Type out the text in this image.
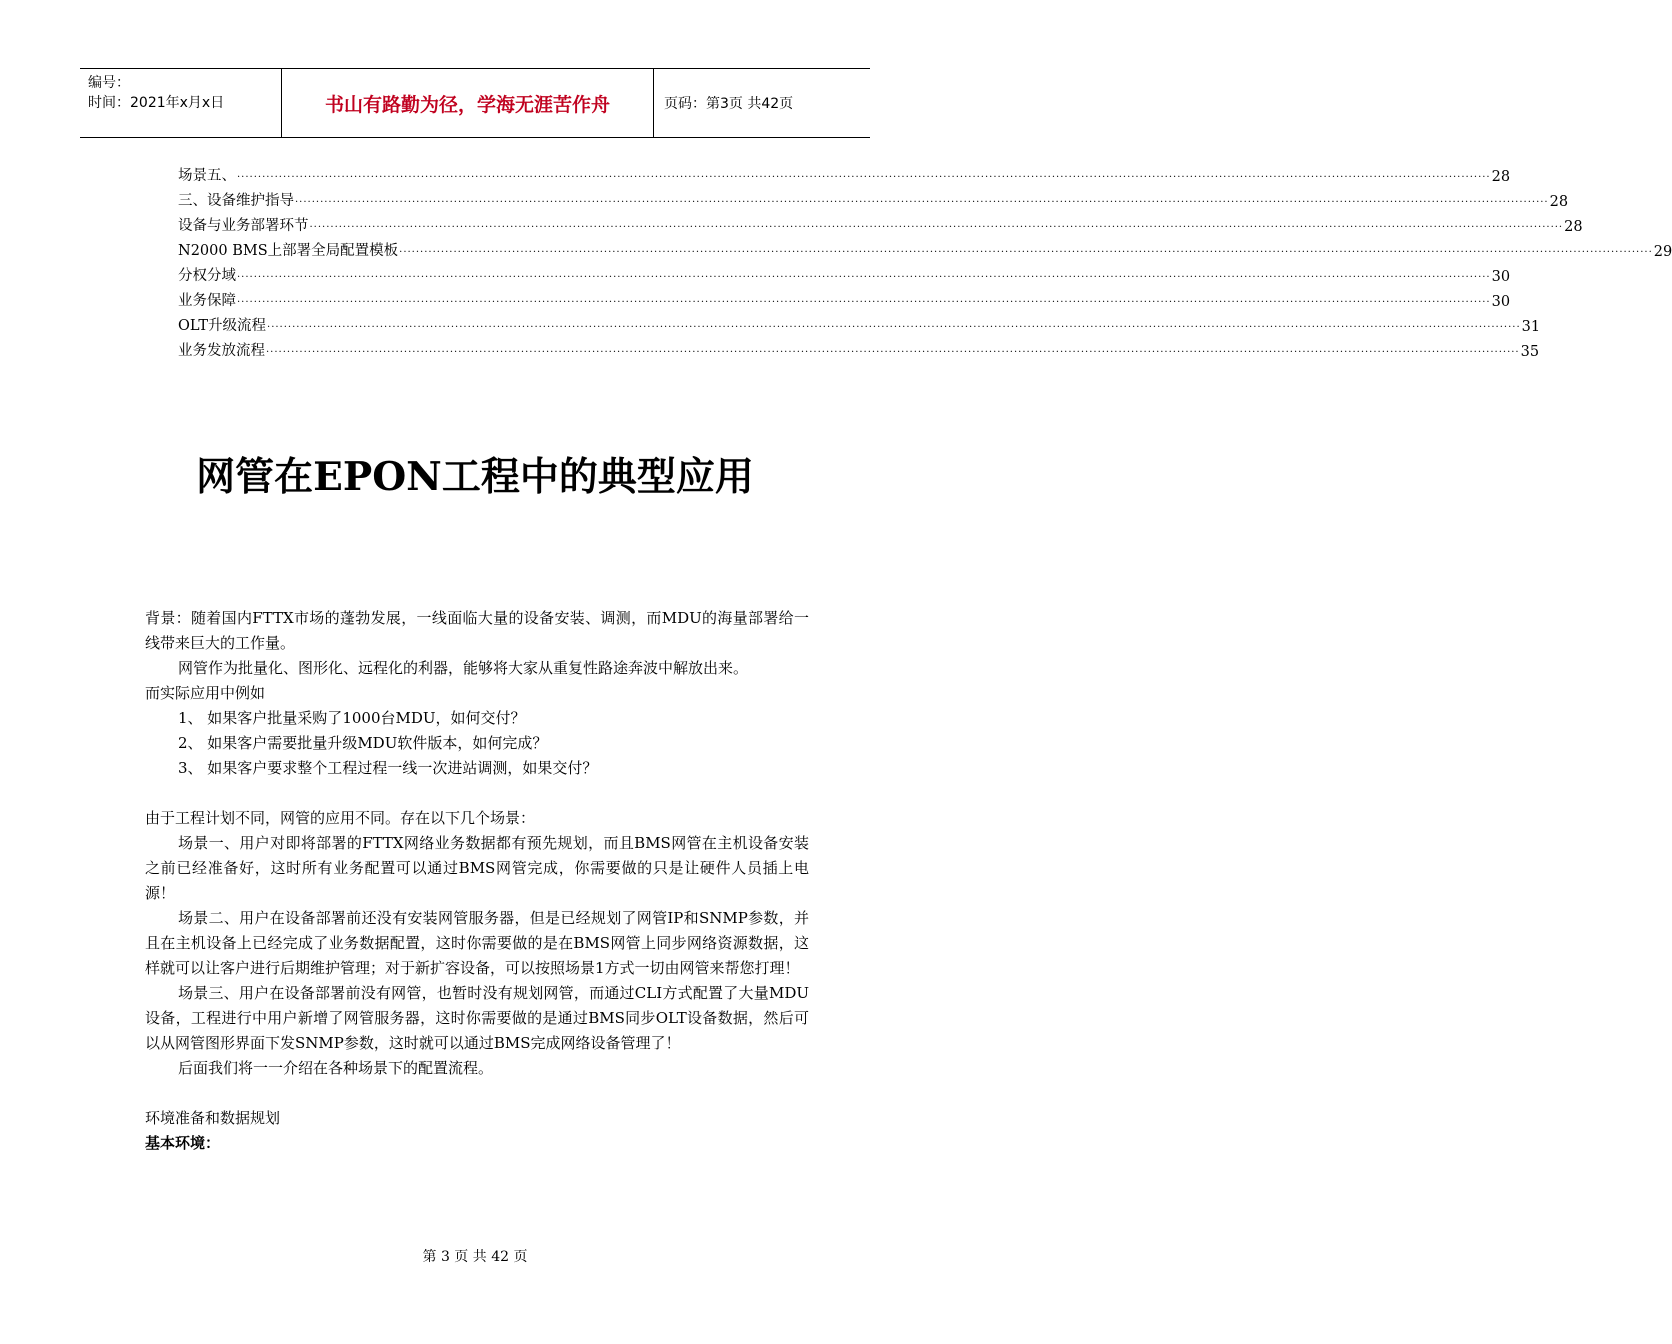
编号：
时间：2021年x月x日	书山有路勤为径，学海无涯苦作舟	页码：第3页 共42页
场景五、 ............................................................................................................................................................................................................................................................................................................ 28
三、设备维护指导 ............................................................................................................................................................................................................................................................................................................ 28
设备与业务部署环节 ............................................................................................................................................................................................................................................................................................................ 28
N2000 BMS上部署全局配置模板 ............................................................................................................................................................................................................................................................................................................ 29
分权分域 ............................................................................................................................................................................................................................................................................................................ 30
业务保障 ............................................................................................................................................................................................................................................................................................................ 30
OLT升级流程 ............................................................................................................................................................................................................................................................................................................ 31
业务发放流程 ............................................................................................................................................................................................................................................................................................................ 35
网管在EPON工程中的典型应用

背景：随着国内FTTX市场的蓬勃发展，一线面临大量的设备安装、调测，而MDU的海量部署给一线带来巨大的工作量。

网管作为批量化、图形化、远程化的利器，能够将大家从重复性路途奔波中解放出来。

而实际应用中例如

1、 如果客户批量采购了1000台MDU，如何交付？

2、 如果客户需要批量升级MDU软件版本，如何完成？

3、 如果客户要求整个工程过程一线一次进站调测，如果交付？

由于工程计划不同，网管的应用不同。存在以下几个场景：

场景一、用户对即将部署的FTTX网络业务数据都有预先规划，而且BMS网管在主机设备安装之前已经准备好，这时所有业务配置可以通过BMS网管完成，你需要做的只是让硬件人员插上电源！

场景二、用户在设备部署前还没有安装网管服务器，但是已经规划了网管IP和SNMP参数，并且在主机设备上已经完成了业务数据配置，这时你需要做的是在BMS网管上同步网络资源数据，这样就可以让客户进行后期维护管理；对于新扩容设备，可以按照场景1方式一切由网管来帮您打理！

场景三、用户在设备部署前没有网管，也暂时没有规划网管，而通过CLI方式配置了大量MDU设备，工程进行中用户新增了网管服务器，这时你需要做的是通过BMS同步OLT设备数据，然后可以从网管图形界面下发SNMP参数，这时就可以通过BMS完成网络设备管理了！

后面我们将一一介绍在各种场景下的配置流程。

环境准备和数据规划

基本环境：

第 3 页 共 42 页
